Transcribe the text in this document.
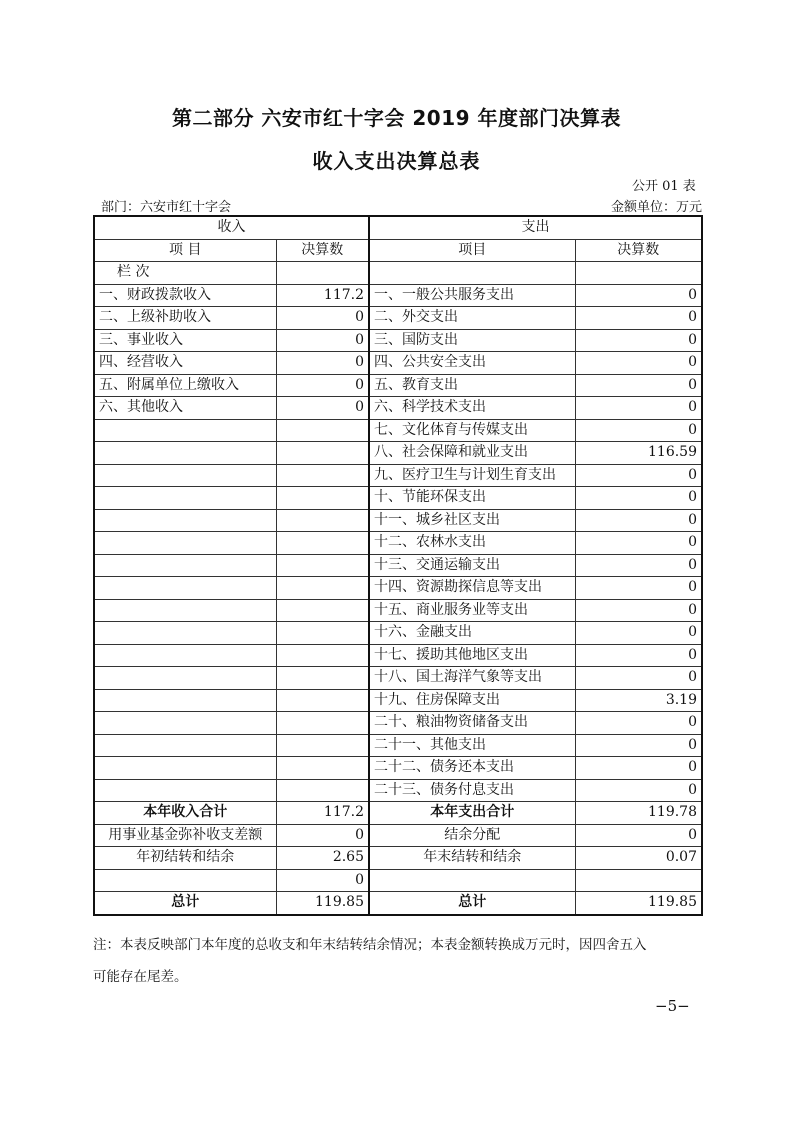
第二部分 六安市红十字会 2019 年度部门决算表
收入支出决算总表
公开 01 表
部门：六安市红十字会	金额单位：万元
收入		支出	
项 目	决算数	项目	决算数
栏 次			
一、财政拨款收入	117.2	一、一般公共服务支出	0
二、上级补助收入	0	二、外交支出	0
三、事业收入	0	三、国防支出	0
四、经营收入	0	四、公共安全支出	0
五、附属单位上缴收入	0	五、教育支出	0
六、其他收入	0	六、科学技术支出	0
		七、文化体育与传媒支出	0
		八、社会保障和就业支出	116.59
		九、医疗卫生与计划生育支出	0
		十、节能环保支出	0
		十一、城乡社区支出	0
		十二、农林水支出	0
		十三、交通运输支出	0
		十四、资源勘探信息等支出	0
		十五、商业服务业等支出	0
		十六、金融支出	0
		十七、援助其他地区支出	0
		十八、国土海洋气象等支出	0
		十九、住房保障支出	3.19
		二十、粮油物资储备支出	0
		二十一、其他支出	0
		二十二、债务还本支出	0
		二十三、债务付息支出	0
本年收入合计	117.2	本年支出合计	119.78
用事业基金弥补收支差额	0	结余分配	0
年初结转和结余	2.65	年末结转和结余	0.07
	0		
总计	119.85	总计	119.85
注：本表反映部门本年度的总收支和年末结转结余情况；本表金额转换成万元时，因四舍五入
可能存在尾差。
−5−
